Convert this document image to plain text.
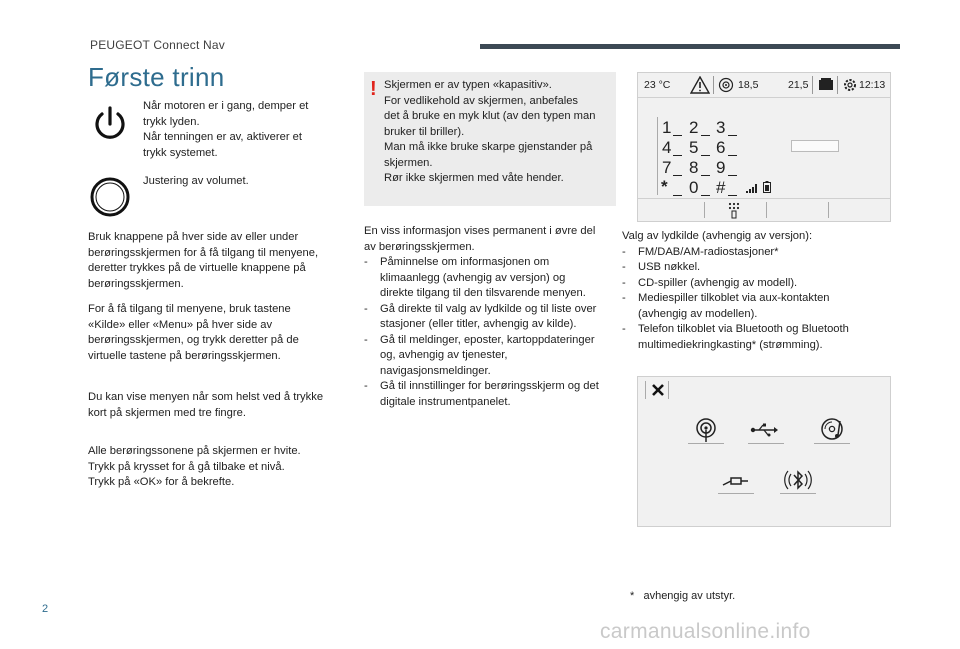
PEUGEOT Connect Nav
Første trinn
Når motoren er i gang, demper et
trykk lyden.
Når tenningen er av, aktiverer et
trykk systemet.
Justering av volumet.
Bruk knappene på hver side av eller under
berøringsskjermen for å få tilgang til menyene,
deretter trykkes på de virtuelle knappene på
berøringsskjermen.
For å få tilgang til menyene, bruk tastene
«Kilde» eller «Menu» på hver side av
berøringsskjermen, og trykk deretter på de
virtuelle tastene på berøringsskjermen.
Du kan vise menyen når som helst ved å trykke
kort på skjermen med tre fingre.
Alle berøringssonene på skjermen er hvite.
Trykk på krysset for å gå tilbake et nivå.
Trykk på «OK» for å bekrefte.
! Skjermen er av typen «kapasitiv».
For vedlikehold av skjermen, anbefales
det å bruke en myk klut (av den typen man
bruker til briller).
Man må ikke bruke skarpe gjenstander på
skjermen.
Rør ikke skjermen med våte hender.
En viss informasjon vises permanent i øvre del
av berøringsskjermen.
- Påminnelse om informasjonen om
klimaanlegg (avhengig av versjon) og
direkte tilgang til den tilsvarende menyen.
- Gå direkte til valg av lydkilde og til liste over
stasjoner (eller titler, avhengig av kilde).
- Gå til meldinger, eposter, kartoppdateringer
og, avhengig av tjenester,
navigasjonsmeldinger.
- Gå til innstillinger for berøringsskjerm og det
digitale instrumentpanelet.
23 °C	18,5	21,5	12:13
1 2 3
4 5 6
7 8 9
* 0 #
Valg av lydkilde (avhengig av versjon):
- FM/DAB/AM-radiostasjoner*
- USB nøkkel.
- CD-spiller (avhengig av modell).
- Mediespiller tilkoblet via aux-kontakten
(avhengig av modellen).
- Telefon tilkoblet via Bluetooth og Bluetooth
multimediekringkasting* (strømming).
* avhengig av utstyr.
2
carmanualsonline.info
